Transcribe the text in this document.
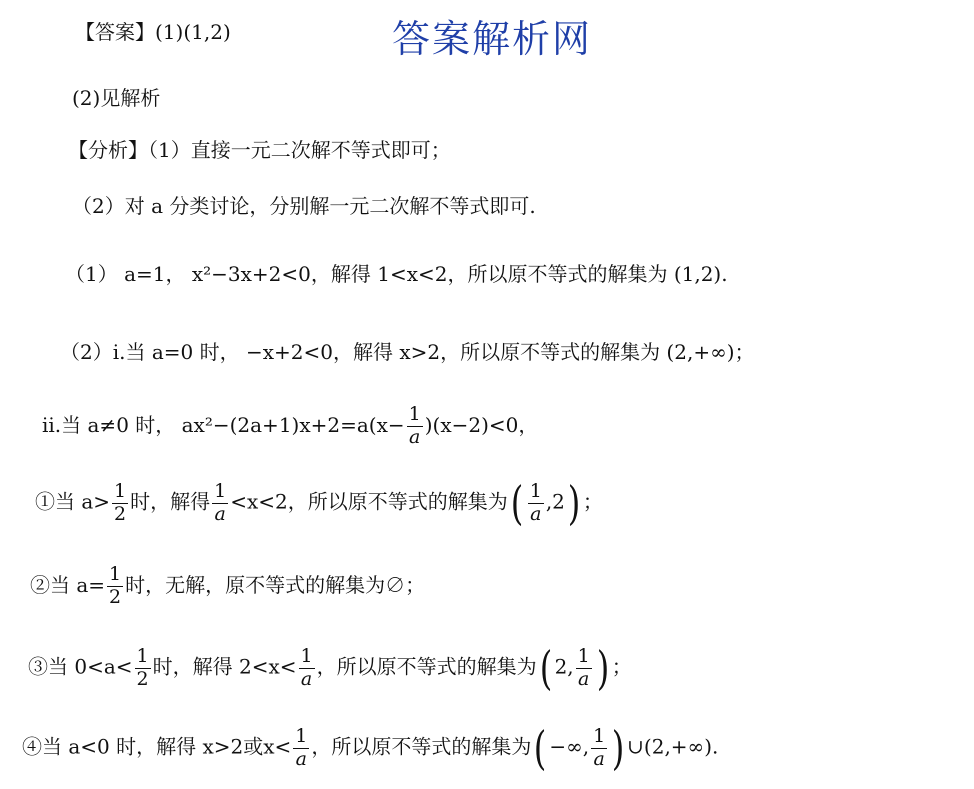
答案解析网
【答案】(1)(1,2)
(2)见解析
【分析】（1）直接一元二次解不等式即可；
（2）对 a 分类讨论，分别解一元二次解不等式即可.
（1） a=1， x²−3x+2<0，解得 1<x<2，所以原不等式的解集为 (1,2).
（2）i.当 a=0 时， −x+2<0，解得 x>2，所以原不等式的解集为 (2,+∞)；
ii.当 a≠0 时， $ax^2-(2a+1)x+2=a(x- \frac{1}{a} )(x-2)<0$，
①当 $a> \frac{1}{2}$ 时，解得 $\frac{1}{a} <x<2$，所以原不等式的解集为( $\frac{1}{a} ,2$) ；
②当 $a= \frac{1}{2}$ 时，无解，原不等式的解集为∅；
③当 $0<a< \frac{1}{2}$ 时，解得 $2<x< \frac{1}{a}$ ，所以原不等式的解集为( 2, $\frac{1}{a}$ ) ；
④当 a<0 时，解得 x>2或$x< \frac{1}{a}$ ，所以原不等式的解集为( −∞, $\frac{1}{a}$ ) ∪(2,+∞).
